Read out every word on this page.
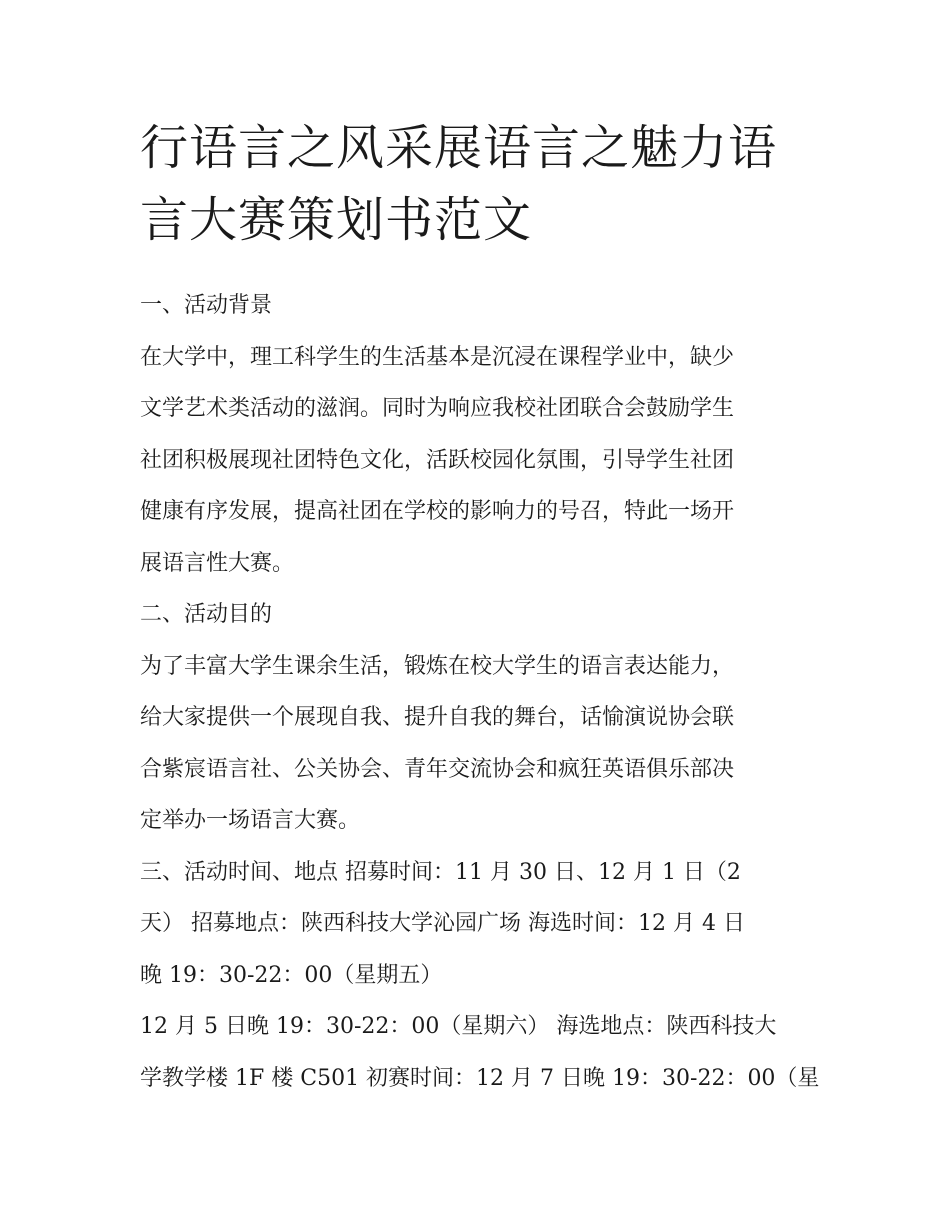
行语言之风采展语言之魅力语
言大赛策划书范文
一、活动背景
在大学中，理工科学生的生活基本是沉浸在课程学业中，缺少
文学艺术类活动的滋润。同时为响应我校社团联合会鼓励学生
社团积极展现社团特色文化，活跃校园化氛围，引导学生社团
健康有序发展，提高社团在学校的影响力的号召，特此一场开
展语言性大赛。
二、活动目的
为了丰富大学生课余生活，锻炼在校大学生的语言表达能力，
给大家提供一个展现自我、提升自我的舞台，话愉演说协会联
合紫宸语言社、公关协会、青年交流协会和疯狂英语俱乐部决
定举办一场语言大赛。
三、活动时间、地点 招募时间：11 月 30 日、12 月 1 日（2
天） 招募地点：陕西科技大学沁园广场 海选时间：12 月 4 日
晚 19：30-22：00（星期五）
12 月 5 日晚 19：30-22：00（星期六） 海选地点：陕西科技大
学教学楼 1F 楼 C501 初赛时间：12 月 7 日晚 19：30-22：00（星
